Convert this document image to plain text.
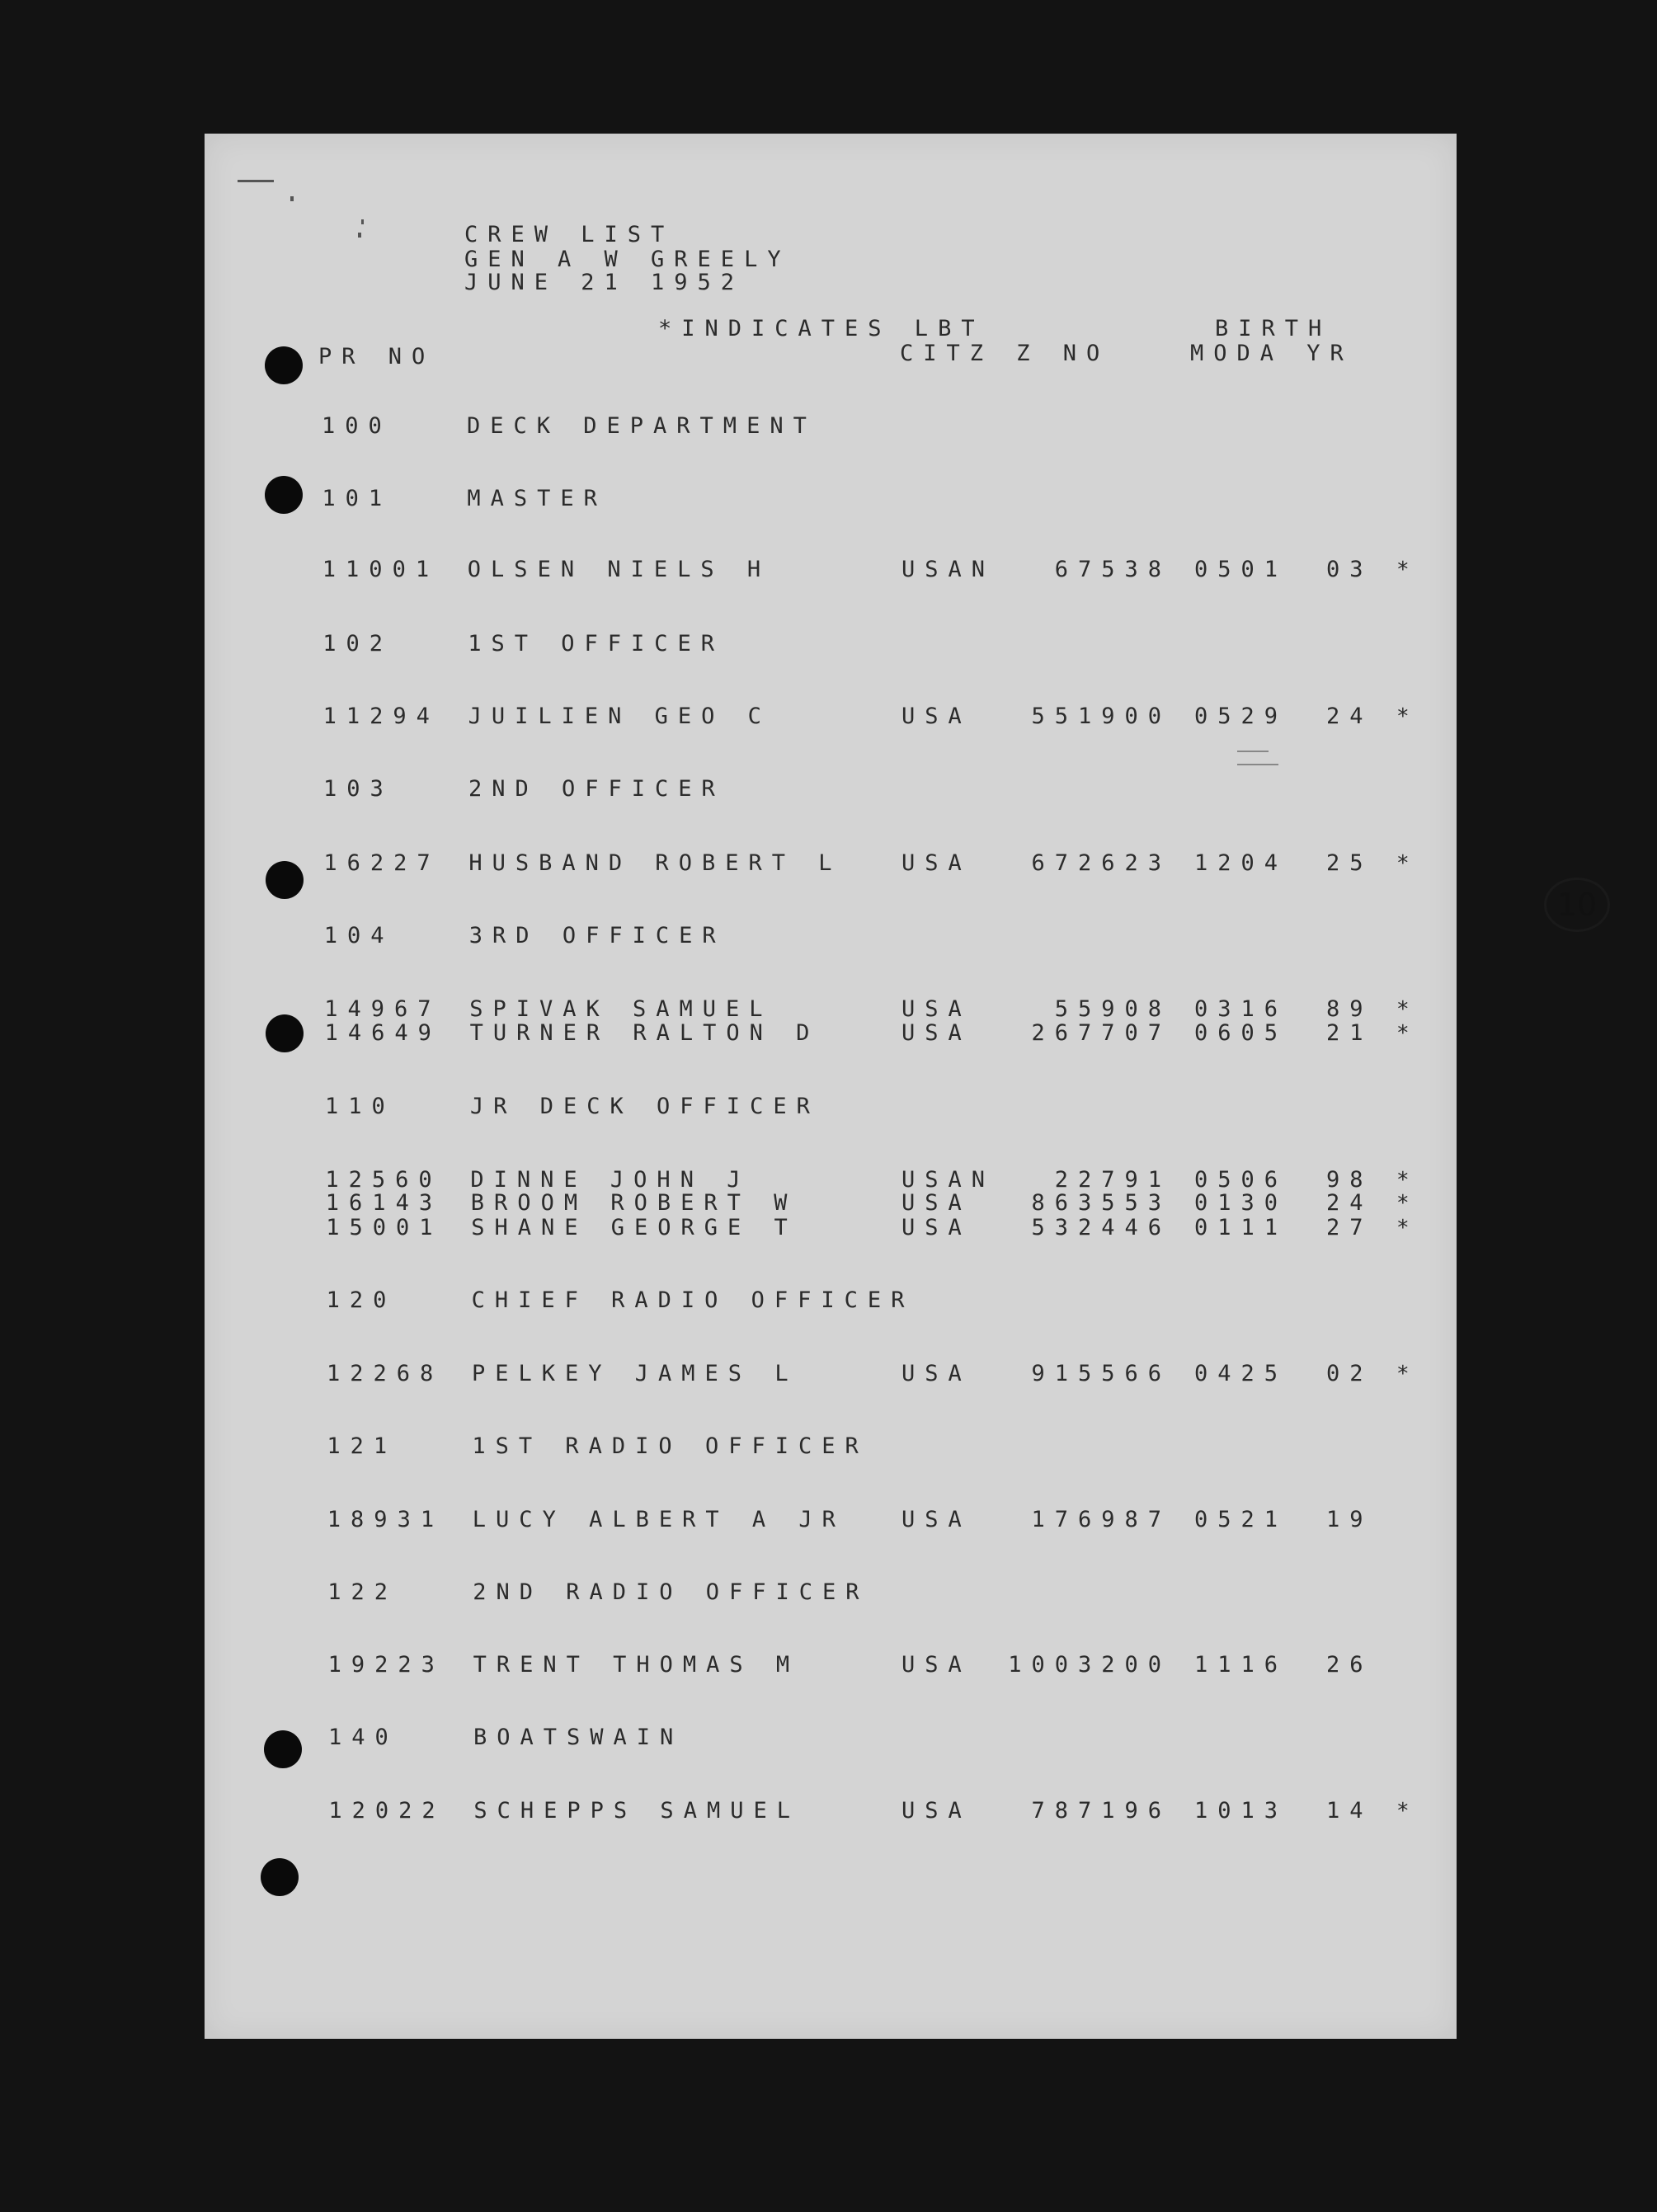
CREW LIST
GEN A W GREELY
JUNE 21 1952
*INDICATES LBT	BIRTH
PR NO	CITZ Z NO	MODA YR
10
100	DECK DEPARTMENT
101	MASTER
11001 OLSEN NIELS H	USAN	67538 0501 03 *
102	1ST OFFICER
11294 JUILIEN GEO C	USA	551900 0529 24 *
103	2ND OFFICER
16227 HUSBAND ROBERT L	USA	672623 1204 25 *
104	3RD OFFICER
14967 SPIVAK SAMUEL	USA	55908 0316 89 *
14649 TURNER RALTON D	USA	267707 0605 21 *
110	JR DECK OFFICER
12560 DINNE JOHN J	USAN	22791 0506 98 *
16143 BROOM ROBERT W	USA	863553 0130 24 *
15001 SHANE GEORGE T	USA	532446 0111 27 *
120	CHIEF RADIO OFFICER
12268 PELKEY JAMES L	USA	915566 0425 02 *
121	1ST RADIO OFFICER
18931 LUCY ALBERT A JR	USA	176987 0521 19
122	2ND RADIO OFFICER
19223 TRENT THOMAS M	USA 1003200 1116 26
140	BOATSWAIN
12022 SCHEPPS SAMUEL	USA	787196 1013 14 *
